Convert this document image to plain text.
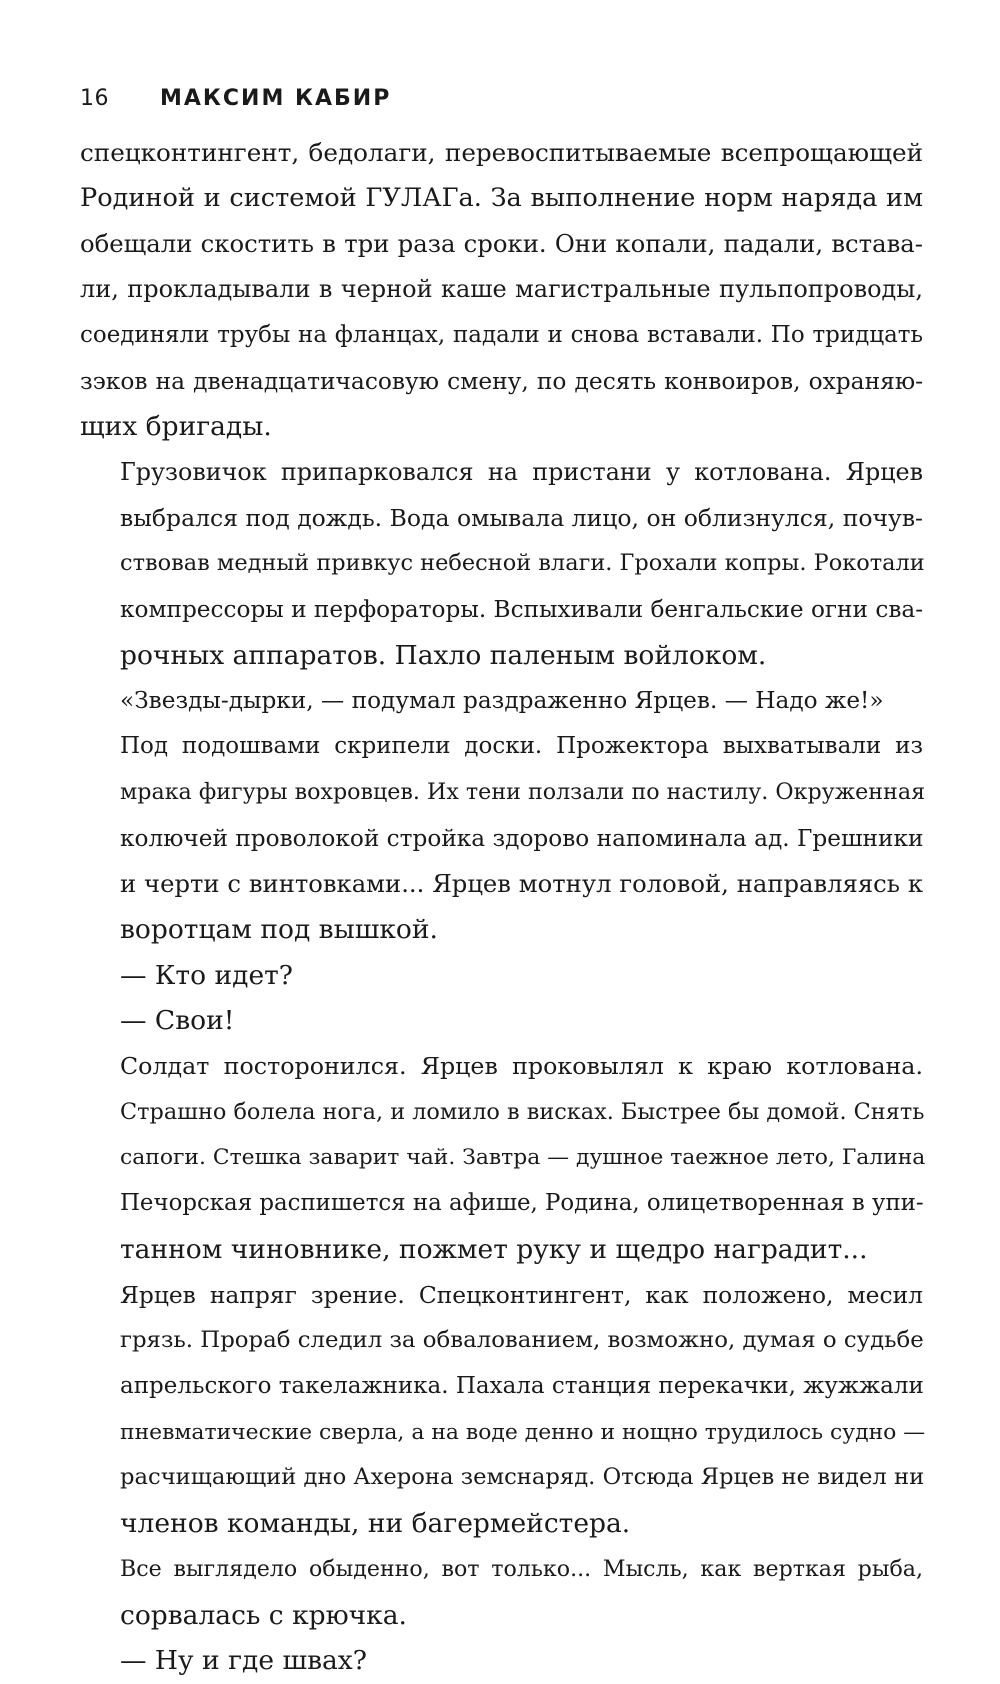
16	МАКСИМ КАБИР

спецконтингент, бедолаги, перевоспитываемые всепрощающей
Родиной и системой ГУЛАГа. За выполнение норм наряда им
обещали скостить в три раза сроки. Они копали, падали, встава-
ли, прокладывали в черной каше магистральные пульпопроводы,
соединяли трубы на фланцах, падали и снова вставали. По тридцать
зэков на двенадцатичасовую смену, по десять конвоиров, охраняю-
щих бригады.

Грузовичок припарковался на пристани у котлована. Ярцев
выбрался под дождь. Вода омывала лицо, он облизнулся, почув-
ствовав медный привкус небесной влаги. Грохали копры. Рокотали
компрессоры и перфораторы. Вспыхивали бенгальские огни сва-
рочных аппаратов. Пахло паленым войлоком.

«Звезды-дырки, — подумал раздраженно Ярцев. — Надо же!»

Под подошвами скрипели доски. Прожектора выхватывали из
мрака фигуры вохровцев. Их тени ползали по настилу. Окруженная
колючей проволокой стройка здорово напоминала ад. Грешники
и черти с винтовками... Ярцев мотнул головой, направляясь к
воротцам под вышкой.

— Кто идет?

— Свои!

Солдат посторонился. Ярцев проковылял к краю котлована.
Страшно болела нога, и ломило в висках. Быстрее бы домой. Снять
сапоги. Стешка заварит чай. Завтра — душное таежное лето, Галина
Печорская распишется на афише, Родина, олицетворенная в упи-
танном чиновнике, пожмет руку и щедро наградит...

Ярцев напряг зрение. Спецконтингент, как положено, месил
грязь. Прораб следил за обвалованием, возможно, думая о судьбе
апрельского такелажника. Пахала станция перекачки, жужжали
пневматические сверла, а на воде денно и нощно трудилось судно —
расчищающий дно Ахерона земснаряд. Отсюда Ярцев не видел ни
членов команды, ни багермейстера.

Все выглядело обыденно, вот только... Мысль, как верткая рыба,
сорвалась с крючка.

— Ну и где швах?
